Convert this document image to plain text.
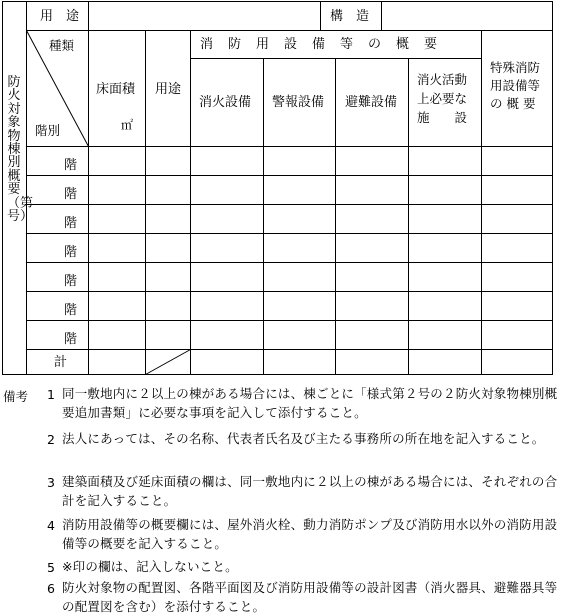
用　途	構　造
防火対象物棟別概要（第　　号）
種類
階別
床面積
㎡
用途
消　防　用　設　備　等　の　概　要
消火設備 警報設備 避難設備
消火活動
上必要な
施　　設
特殊消防
用設備等
の 概 要
階
階
階
階
階
階
階
計
備考 1 同一敷地内に２以上の棟がある場合には、棟ごとに「様式第２号の２防火対象物棟別概要追加書類」に必要な事項を記入して添付すること。
2 法人にあっては、その名称、代表者氏名及び主たる事務所の所在地を記入すること。
3 建築面積及び延床面積の欄は、同一敷地内に２以上の棟がある場合には、それぞれの合計を記入すること。
4 消防用設備等の概要欄には、屋外消火栓、動力消防ポンプ及び消防用水以外の消防用設備等の概要を記入すること。
5 ※印の欄は、記入しないこと。
6 防火対象物の配置図、各階平面図及び消防用設備等の設計図書（消火器具、避難器具等の配置図を含む）を添付すること。
